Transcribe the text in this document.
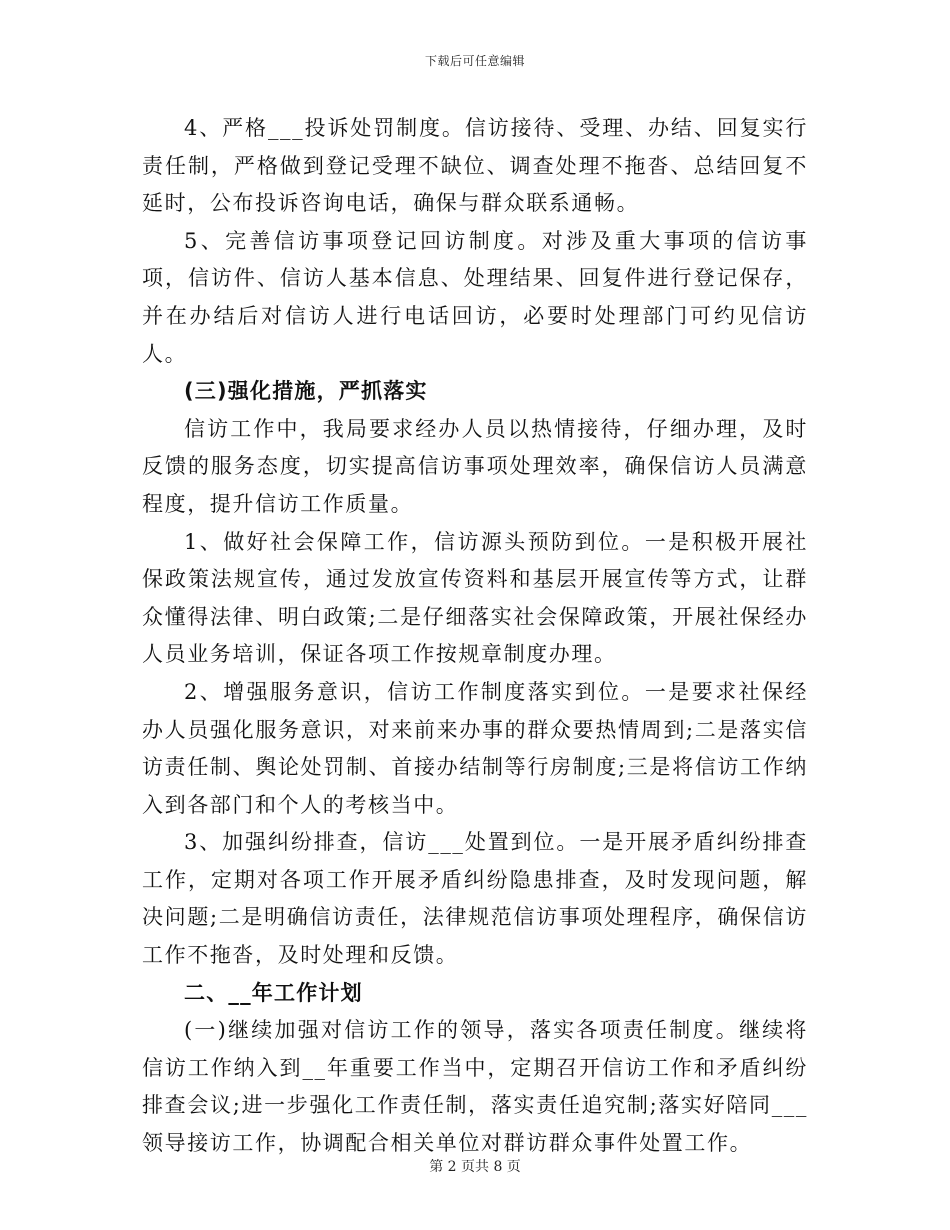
下载后可任意编辑

4、严格___投诉处罚制度。信访接待、受理、办结、回复实行责任制，严格做到登记受理不缺位、调查处理不拖沓、总结回复不延时，公布投诉咨询电话，确保与群众联系通畅。

5、完善信访事项登记回访制度。对涉及重大事项的信访事项，信访件、信访人基本信息、处理结果、回复件进行登记保存，并在办结后对信访人进行电话回访，必要时处理部门可约见信访人。

(三)强化措施，严抓落实

信访工作中，我局要求经办人员以热情接待，仔细办理，及时反馈的服务态度，切实提高信访事项处理效率，确保信访人员满意程度，提升信访工作质量。

1、做好社会保障工作，信访源头预防到位。一是积极开展社保政策法规宣传，通过发放宣传资料和基层开展宣传等方式，让群众懂得法律、明白政策;二是仔细落实社会保障政策，开展社保经办人员业务培训，保证各项工作按规章制度办理。

2、增强服务意识，信访工作制度落实到位。一是要求社保经办人员强化服务意识，对来前来办事的群众要热情周到;二是落实信访责任制、舆论处罚制、首接办结制等行房制度;三是将信访工作纳入到各部门和个人的考核当中。

3、加强纠纷排查，信访___处置到位。一是开展矛盾纠纷排查工作，定期对各项工作开展矛盾纠纷隐患排查，及时发现问题，解决问题;二是明确信访责任，法律规范信访事项处理程序，确保信访工作不拖沓，及时处理和反馈。

二、__年工作计划

(一)继续加强对信访工作的领导，落实各项责任制度。继续将信访工作纳入到__年重要工作当中，定期召开信访工作和矛盾纠纷排查会议;进一步强化工作责任制，落实责任追究制;落实好陪同___领导接访工作，协调配合相关单位对群访群众事件处置工作。

第 2 页共 8 页
